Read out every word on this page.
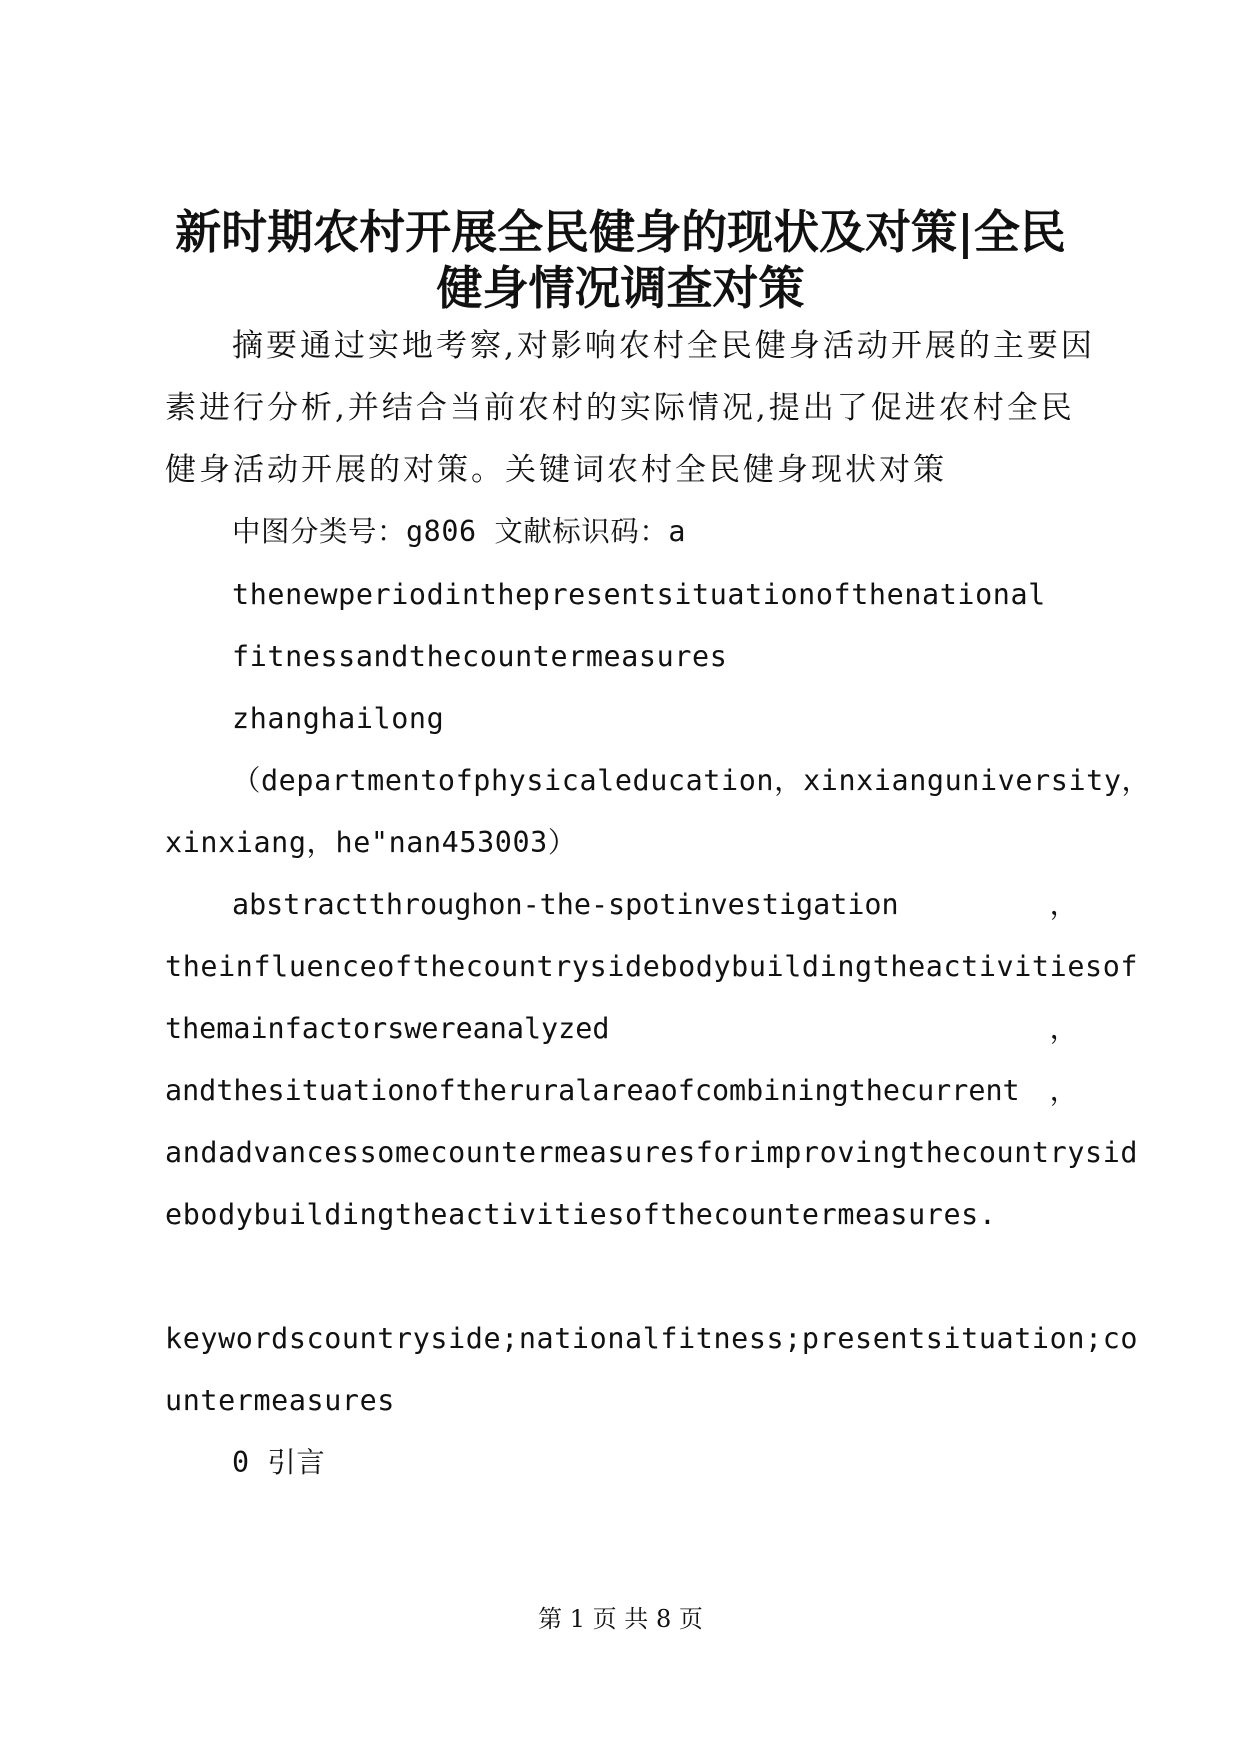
新时期农村开展全民健身的现状及对策|全民
健身情况调查对策
摘要通过实地考察,对影响农村全民健身活动开展的主要因
素进行分析,并结合当前农村的实际情况,提出了促进农村全民
健身活动开展的对策。关键词农村全民健身现状对策
中图分类号：g806 文献标识码：a
thenewperiodinthepresentsituationofthenational
fitnessandthecountermeasures
zhanghailong
（departmentofphysicaleducation，xinxianguniversity，
xinxiang，he"nan453003）
abstractthroughon-the-spotinvestigation	，
theinfluenceofthecountrysidebodybuildingtheactivitiesof
themainfactorswereanalyzed	，
andthesituationoftheruralareaofcombiningthecurrent ，
andadvancessomecountermeasuresforimprovingthecountrysid
ebodybuildingtheactivitiesofthecountermeasures.
keywordscountryside;nationalfitness;presentsituation;co
untermeasures
0 引言
第 1 页 共 8 页
